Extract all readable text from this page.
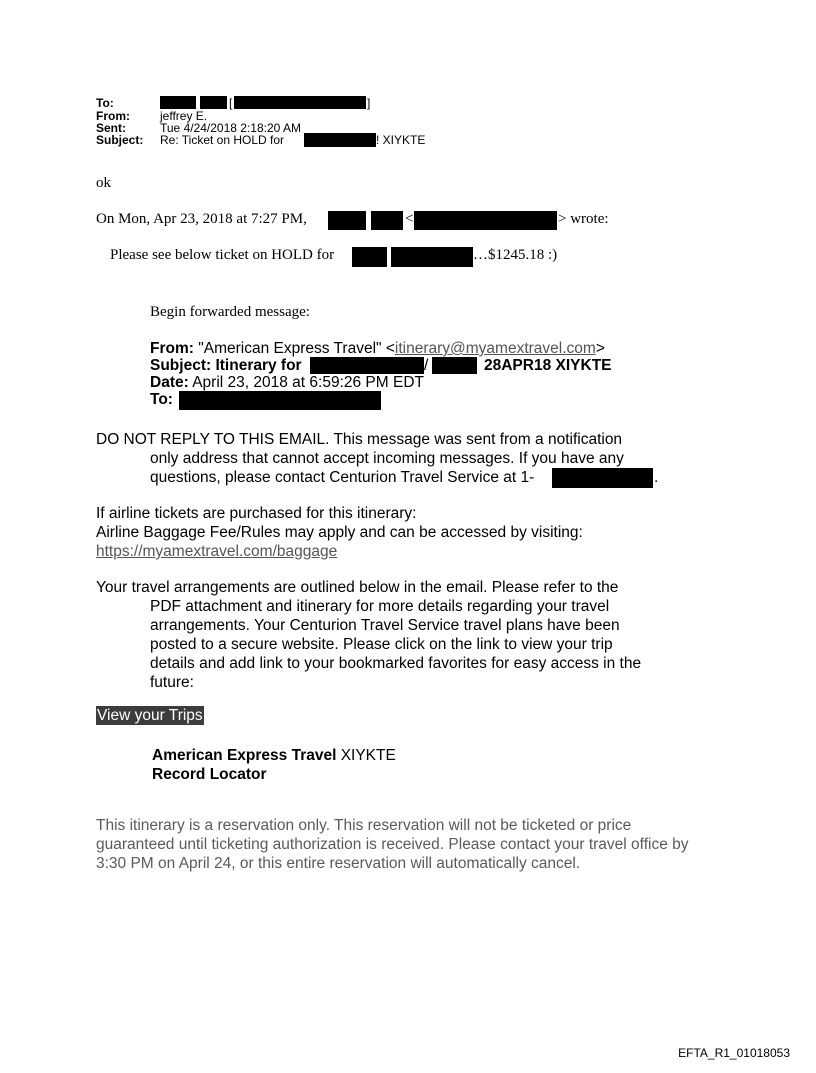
To:	[	]
From:	jeffrey E.
Sent:	Tue 4/24/2018 2:18:20 AM
Subject: Re: Ticket on HOLD for	! XIYKTE
ok
On Mon, Apr 23, 2018 at 7:27 PM,	<	> wrote:
Please see below ticket on HOLD for	…$1245.18 :)
Begin forwarded message:
From: "American Express Travel" <itinerary@myamextravel.com>
Subject: Itinerary for	/	28APR18 XIYKTE
Date: April 23, 2018 at 6:59:26 PM EDT
To:
DO NOT REPLY TO THIS EMAIL. This message was sent from a notification
only address that cannot accept incoming messages. If you have any
questions, please contact Centurion Travel Service at 1-	.
If airline tickets are purchased for this itinerary:
Airline Baggage Fee/Rules may apply and can be accessed by visiting:
https://myamextravel.com/baggage
Your travel arrangements are outlined below in the email. Please refer to the
PDF attachment and itinerary for more details regarding your travel
arrangements. Your Centurion Travel Service travel plans have been
posted to a secure website. Please click on the link to view your trip
details and add link to your bookmarked favorites for easy access in the
future:
View your Trips
American Express Travel XIYKTE
Record Locator
This itinerary is a reservation only. This reservation will not be ticketed or price
guaranteed until ticketing authorization is received. Please contact your travel office by
3:30 PM on April 24, or this entire reservation will automatically cancel.
EFTA_R1_01018053
